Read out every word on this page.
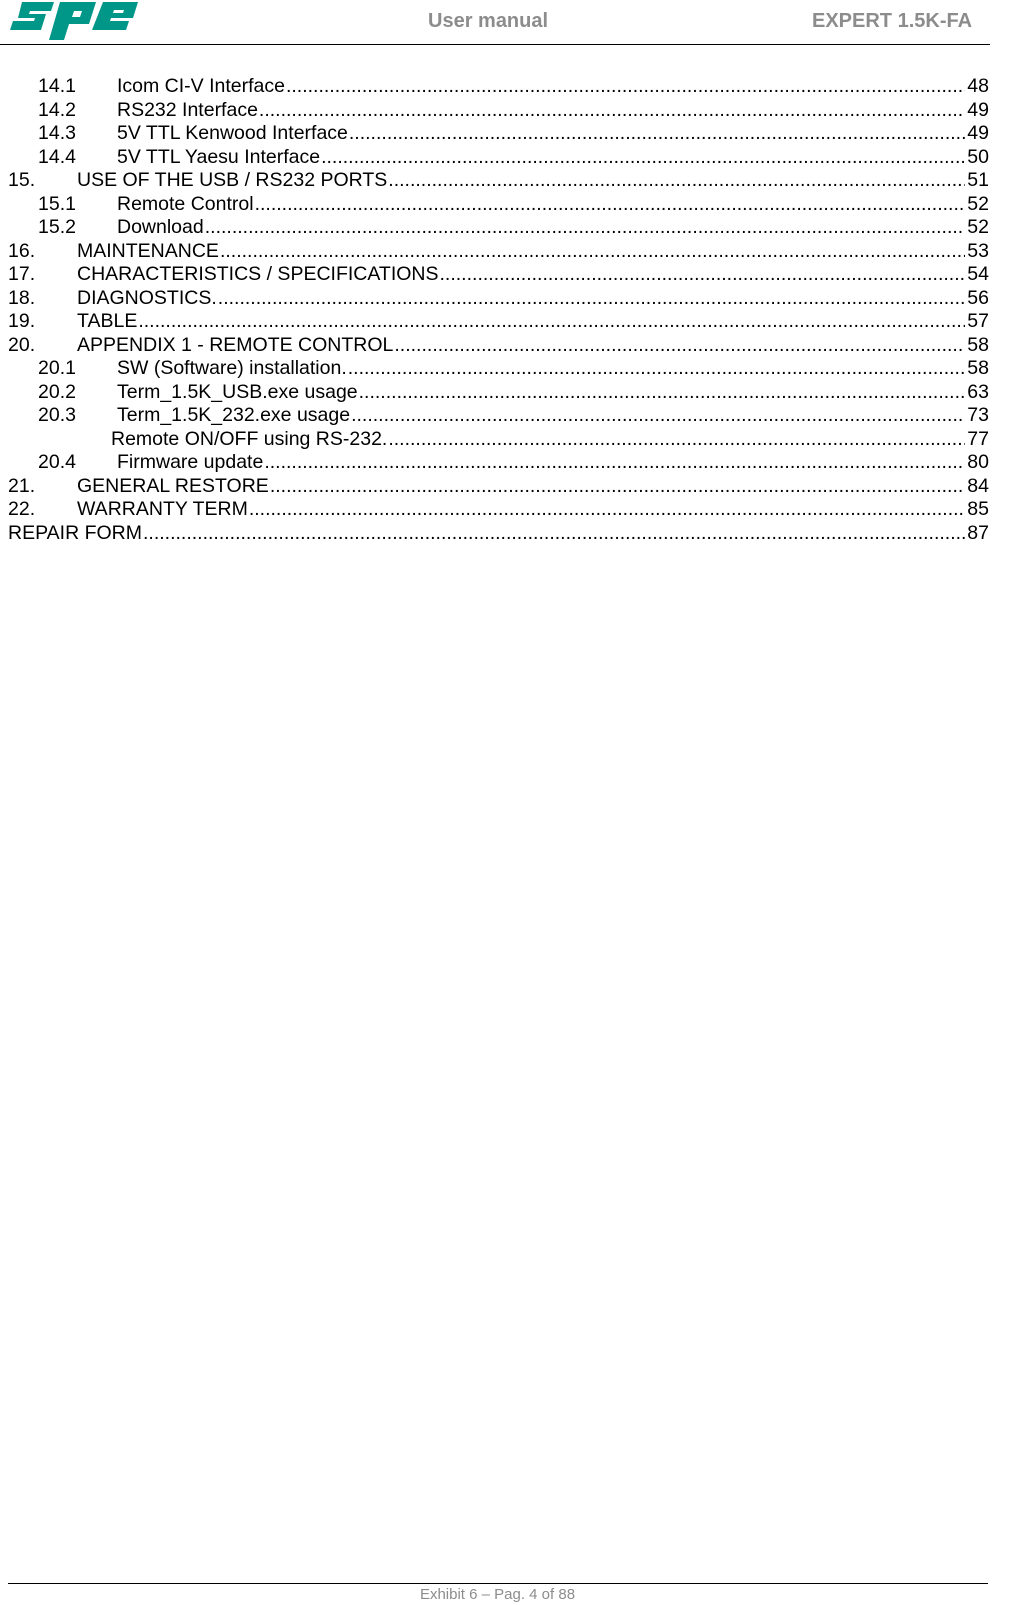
User manual	EXPERT 1.5K-FA
14.1	Icom CI-V Interface .....	48
14.2	RS232 Interface .....	49
14.3	5V TTL Kenwood Interface .....	49
14.4	5V TTL Yaesu Interface .....	50
15.	USE OF THE USB / RS232 PORTS .....	51
15.1	Remote Control .....	52
15.2	Download .....	52
16.	MAINTENANCE .....	53
17.	CHARACTERISTICS / SPECIFICATIONS .....	54
18.	DIAGNOSTICS. .....	56
19.	TABLE .....	57
20.	APPENDIX 1 - REMOTE CONTROL .....	58
20.1	SW (Software) installation. .....	58
20.2	Term_1.5K_USB.exe usage .....	63
20.3	Term_1.5K_232.exe usage .....	73
Remote ON/OFF using RS-232. .....	77
20.4	Firmware update .....	80
21.	GENERAL RESTORE .....	84
22.	WARRANTY TERM .....	85
REPAIR FORM .....	87
Exhibit 6 – Pag. 4 of 88
